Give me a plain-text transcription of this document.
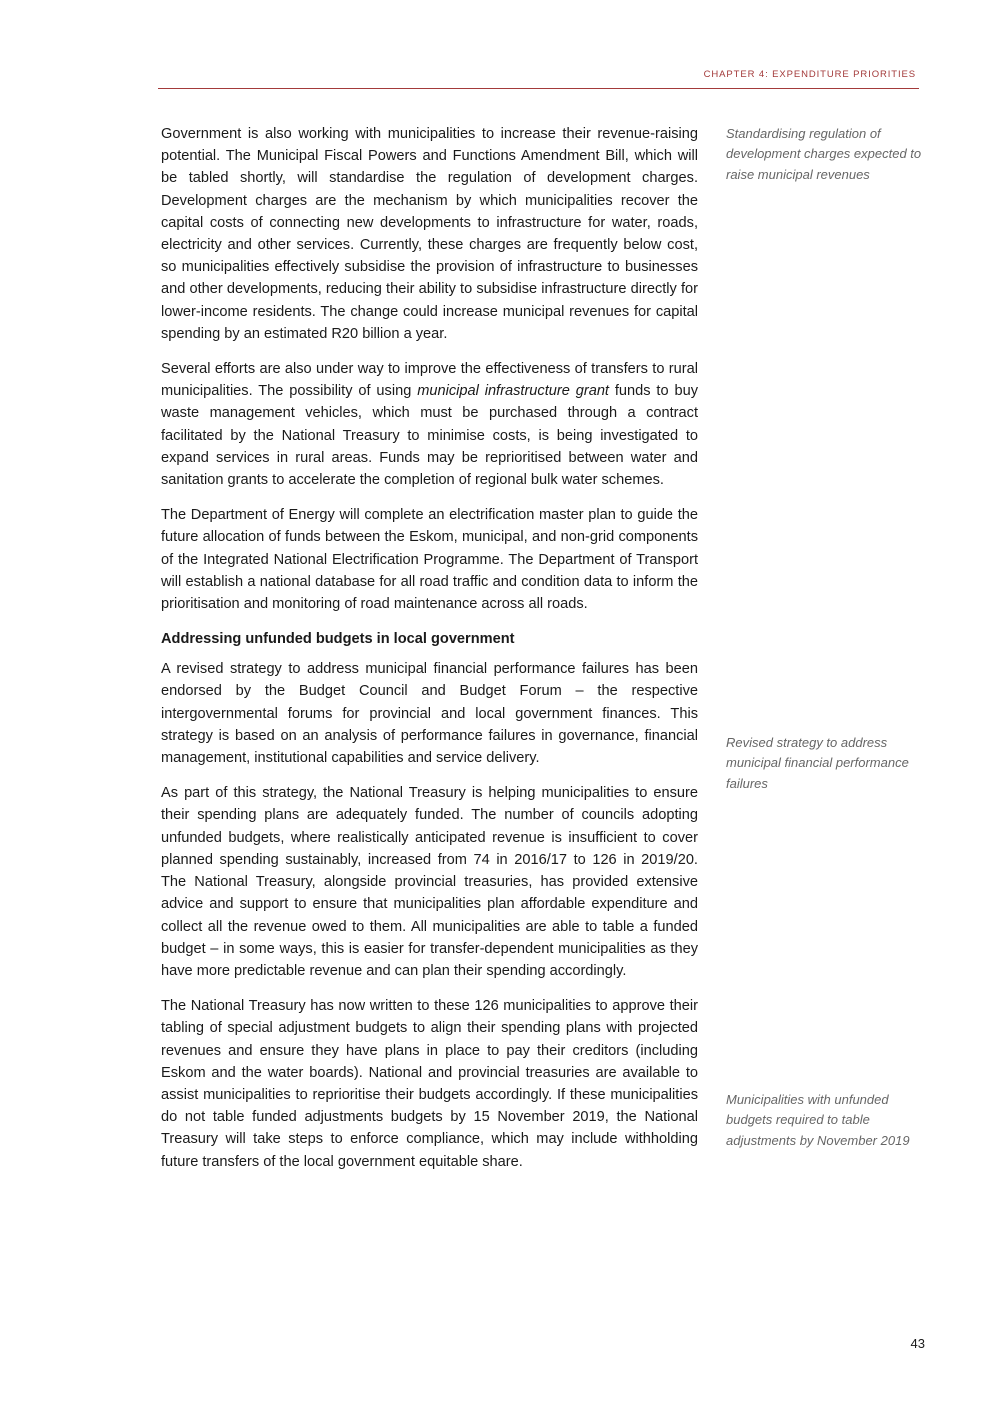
CHAPTER 4: EXPENDITURE PRIORITIES

Government is also working with municipalities to increase their revenue-raising potential. The Municipal Fiscal Powers and Functions Amendment Bill, which will be tabled shortly, will standardise the regulation of development charges. Development charges are the mechanism by which municipalities recover the capital costs of connecting new developments to infrastructure for water, roads, electricity and other services. Currently, these charges are frequently below cost, so municipalities effectively subsidise the provision of infrastructure to businesses and other developments, reducing their ability to subsidise infrastructure directly for lower-income residents. The change could increase municipal revenues for capital spending by an estimated R20 billion a year.

Several efforts are also under way to improve the effectiveness of transfers to rural municipalities. The possibility of using municipal infrastructure grant funds to buy waste management vehicles, which must be purchased through a contract facilitated by the National Treasury to minimise costs, is being investigated to expand services in rural areas. Funds may be reprioritised between water and sanitation grants to accelerate the completion of regional bulk water schemes.

The Department of Energy will complete an electrification master plan to guide the future allocation of funds between the Eskom, municipal, and non-grid components of the Integrated National Electrification Programme. The Department of Transport will establish a national database for all road traffic and condition data to inform the prioritisation and monitoring of road maintenance across all roads.

Addressing unfunded budgets in local government

A revised strategy to address municipal financial performance failures has been endorsed by the Budget Council and Budget Forum – the respective intergovernmental forums for provincial and local government finances. This strategy is based on an analysis of performance failures in governance, financial management, institutional capabilities and service delivery.

As part of this strategy, the National Treasury is helping municipalities to ensure their spending plans are adequately funded. The number of councils adopting unfunded budgets, where realistically anticipated revenue is insufficient to cover planned spending sustainably, increased from 74 in 2016/17 to 126 in 2019/20. The National Treasury, alongside provincial treasuries, has provided extensive advice and support to ensure that municipalities plan affordable expenditure and collect all the revenue owed to them. All municipalities are able to table a funded budget – in some ways, this is easier for transfer-dependent municipalities as they have more predictable revenue and can plan their spending accordingly.

The National Treasury has now written to these 126 municipalities to approve their tabling of special adjustment budgets to align their spending plans with projected revenues and ensure they have plans in place to pay their creditors (including Eskom and the water boards). National and provincial treasuries are available to assist municipalities to reprioritise their budgets accordingly. If these municipalities do not table funded adjustments budgets by 15 November 2019, the National Treasury will take steps to enforce compliance, which may include withholding future transfers of the local government equitable share.

Standardising regulation of development charges expected to raise municipal revenues
Revised strategy to address municipal financial performance failures
Municipalities with unfunded budgets required to table adjustments by November 2019
43
